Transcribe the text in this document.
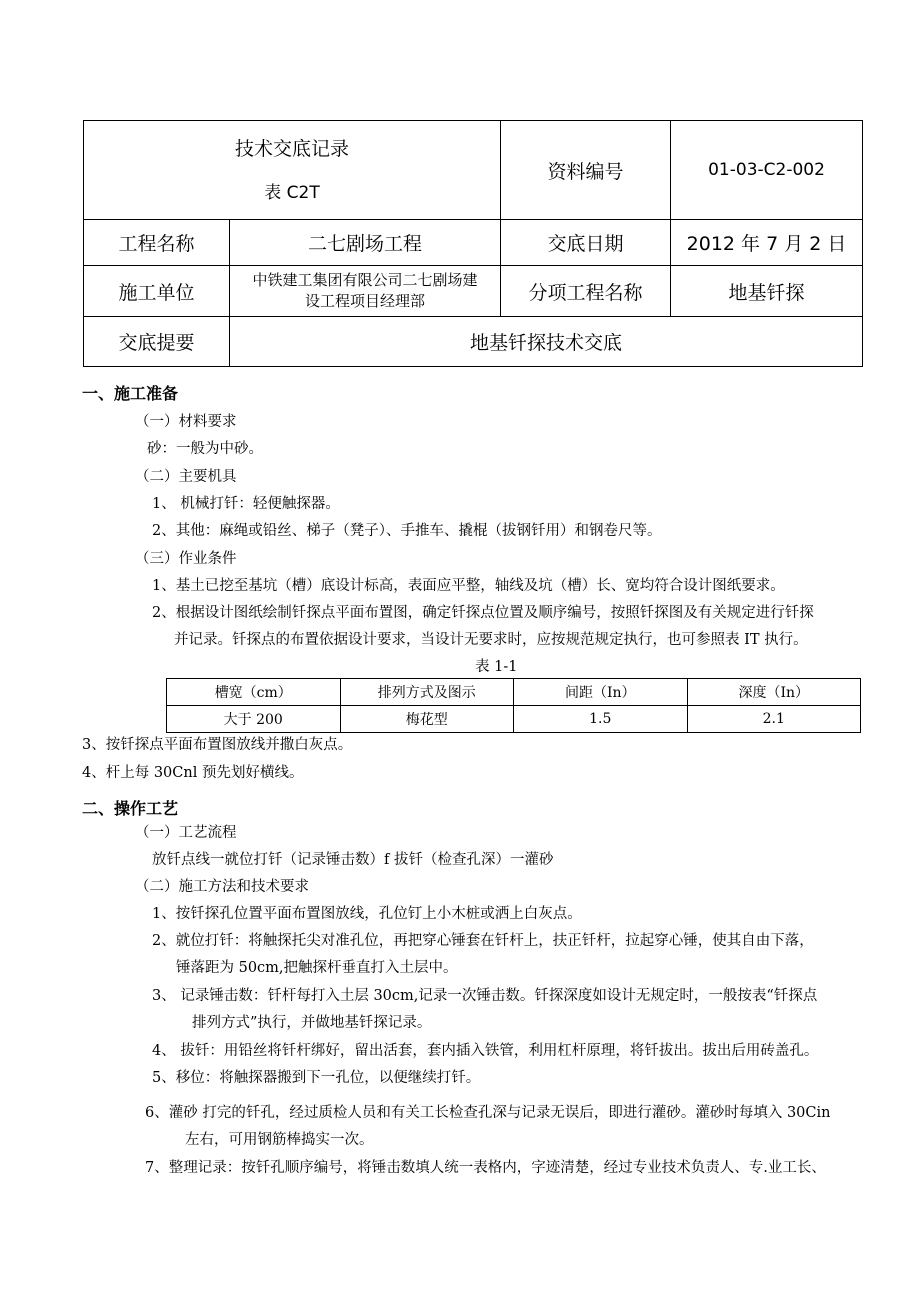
技术交底记录
表 C2T		资料编号	01-03-C2-002
工程名称	二七剧场工程	交底日期	2012 年 7 月 2 日
施工单位	中铁建工集团有限公司二七剧场建
设工程项目经理部	分项工程名称	地基钎探
交底提要	地基钎探技术交底		
一、施工准备
（一）材料要求
砂：一般为中砂。
（二）主要机具
1、 机械打钎：轻便触探器。
2、其他：麻绳或铅丝、梯子（凳子）、手推车、撬棍（拔钢钎用）和钢卷尺等。
（三）作业条件
1、基土已挖至基坑（槽）底设计标高，表面应平整，轴线及坑（槽）长、宽均符合设计图纸要求。
2、根据设计图纸绘制钎探点平面布置图，确定钎探点位置及顺序编号，按照钎探图及有关规定进行钎探
并记录。钎探点的布置依据设计要求，当设计无要求时，应按规范规定执行，也可参照表 IT 执行。
表 1-1
槽宽（cm）	排列方式及图示	间距（In）	深度（In）
大于 200	梅花型	1.5	2.1
3、按钎探点平面布置图放线并撒白灰点。
4、杆上每 30Cnl 预先划好横线。
二、操作工艺
（一）工艺流程
放钎点线一就位打钎（记录锤击数）f 拔钎（检查孔深）一灌砂
（二）施工方法和技术要求
1、按钎探孔位置平面布置图放线，孔位钉上小木桩或洒上白灰点。
2、就位打钎：将触探托尖对准孔位，再把穿心锤套在钎杆上，扶正钎杆，拉起穿心锤，使其自由下落，
锤落距为 50cm,把触探杆垂直打入土层中。
3、 记录锤击数：钎杆每打入土层 30cm,记录一次锤击数。钎探深度如设计无规定时，一般按表“钎探点
排列方式”执行，并做地基钎探记录。
4、 拔钎：用铅丝将钎杆绑好，留出活套，套内插入铁管，利用杠杆原理，将钎拔出。拔出后用砖盖孔。
5、移位：将触探器搬到下一孔位，以便继续打钎。
6、灌砂 打完的钎孔，经过质检人员和有关工长检查孔深与记录无误后，即进行灌砂。灌砂时每填入 30Cin
左右，可用钢筋棒捣实一次。
7、整理记录：按钎孔顺序编号，将锤击数填人统一表格内，字迹清楚，经过专业技术负责人、专.业工长、
